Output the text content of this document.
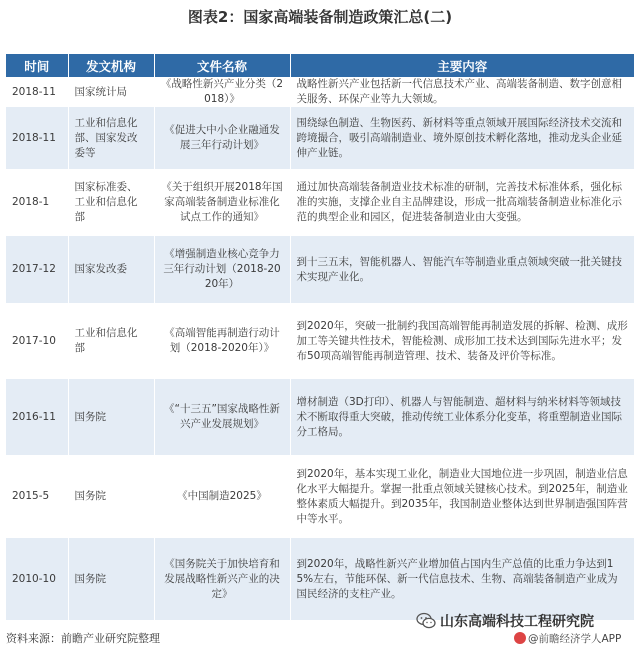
图表2：国家高端装备制造政策汇总(二)
时间	发文机构	文件名称	主要内容
2018-11	国家统计局	《战略性新兴产业分类（2018）》	战略性新兴产业包括新一代信息技术产业、高端装备制造、数字创意相关服务、环保产业等九大领域。
2018-11	工业和信息化部、国家发改委等	《促进大中小企业融通发展三年行动计划》	围绕绿色制造、生物医药、新材料等重点领域开展国际经济技术交流和跨境撮合，吸引高端制造业、境外原创技术孵化落地，推动龙头企业延伸产业链。
2018-1	国家标准委、工业和信息化部	《关于组织开展2018年国家高端装备制造业标准化试点工作的通知》	通过加快高端装备制造业技术标准的研制，完善技术标准体系，强化标准的实施，支撑企业自主品牌建设，形成一批高端装备制造业标准化示范的典型企业和园区，促进装备制造业由大变强。
2017-12	国家发改委	《增强制造业核心竞争力三年行动计划（2018-2020年）	到十三五末，智能机器人、智能汽车等制造业重点领域突破一批关键技术实现产业化。
2017-10	工业和信息化部	《高端智能再制造行动计划（2018-2020年）》	到2020年，突破一批制约我国高端智能再制造发展的拆解、检测、成形加工等关键共性技术，智能检测、成形加工技术达到国际先进水平；发布50项高端智能再制造管理、技术、装备及评价等标准。
2016-11	国务院	《“十三五”国家战略性新兴产业发展规划》	增材制造（3D打印）、机器人与智能制造、超材料与纳米材料等领域技术不断取得重大突破，推动传统工业体系分化变革，将重塑制造业国际分工格局。
2015-5	国务院	《中国制造2025》	到2020年，基本实现工业化，制造业大国地位进一步巩固，制造业信息化水平大幅提升。掌握一批重点领域关键核心技术。到2025年，制造业整体素质大幅提升。到2035年，我国制造业整体达到世界制造强国阵营中等水平。
2010-10	国务院	《国务院关于加快培育和发展战略性新兴产业的决定》	到2020年，战略性新兴产业增加值占国内生产总值的比重力争达到15%左右，节能环保、新一代信息技术、生物、高端装备制造产业成为国民经济的支柱产业。
资料来源：前瞻产业研究院整理
山东高端科技工程研究院
@前瞻经济学人APP
